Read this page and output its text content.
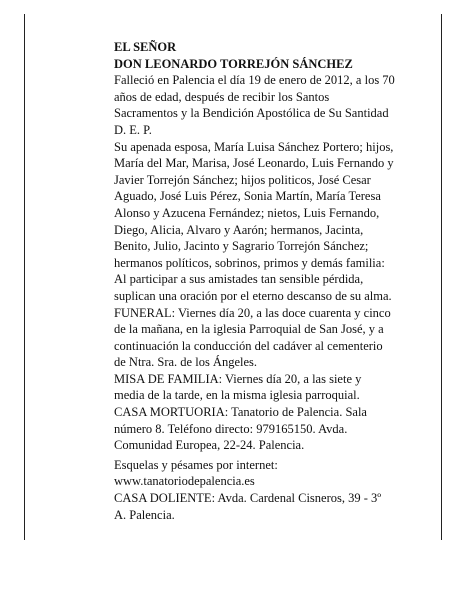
EL SEÑOR

DON LEONARDO TORREJÓN SÁNCHEZ

Falleció en Palencia el día 19 de enero de 2012, a los 70

años de edad, después de recibir los Santos

Sacramentos y la Bendición Apostólica de Su Santidad

D. E. P.

Su apenada esposa, María Luisa Sánchez Portero; hijos,

María del Mar, Marisa, José Leonardo, Luis Fernando y

Javier Torrejón Sánchez; hijos politicos, José Cesar

Aguado, José Luis Pérez, Sonia Martín, María Teresa

Alonso y Azucena Fernández; nietos, Luis Fernando,

Diego, Alicia, Alvaro y Aarón; hermanos, Jacinta,

Benito, Julio, Jacinto y Sagrario Torrejón Sánchez;

hermanos políticos, sobrinos, primos y demás familia:

Al participar a sus amistades tan sensible pérdida,

suplican una oración por el eterno descanso de su alma.

FUNERAL: Viernes día 20, a las doce cuarenta y cinco

de la mañana, en la iglesia Parroquial de San José, y a

continuación la conducción del cadáver al cementerio

de Ntra. Sra. de los Ángeles.

MISA DE FAMILIA: Viernes día 20, a las siete y

media de la tarde, en la misma iglesia parroquial.

CASA MORTUORIA: Tanatorio de Palencia. Sala

número 8. Teléfono directo: 979165150. Avda.

Comunidad Europea, 22-24. Palencia.

Esquelas y pésames por internet:

www.tanatoriodepalencia.es

CASA DOLIENTE: Avda. Cardenal Cisneros, 39 - 3º

A. Palencia.
